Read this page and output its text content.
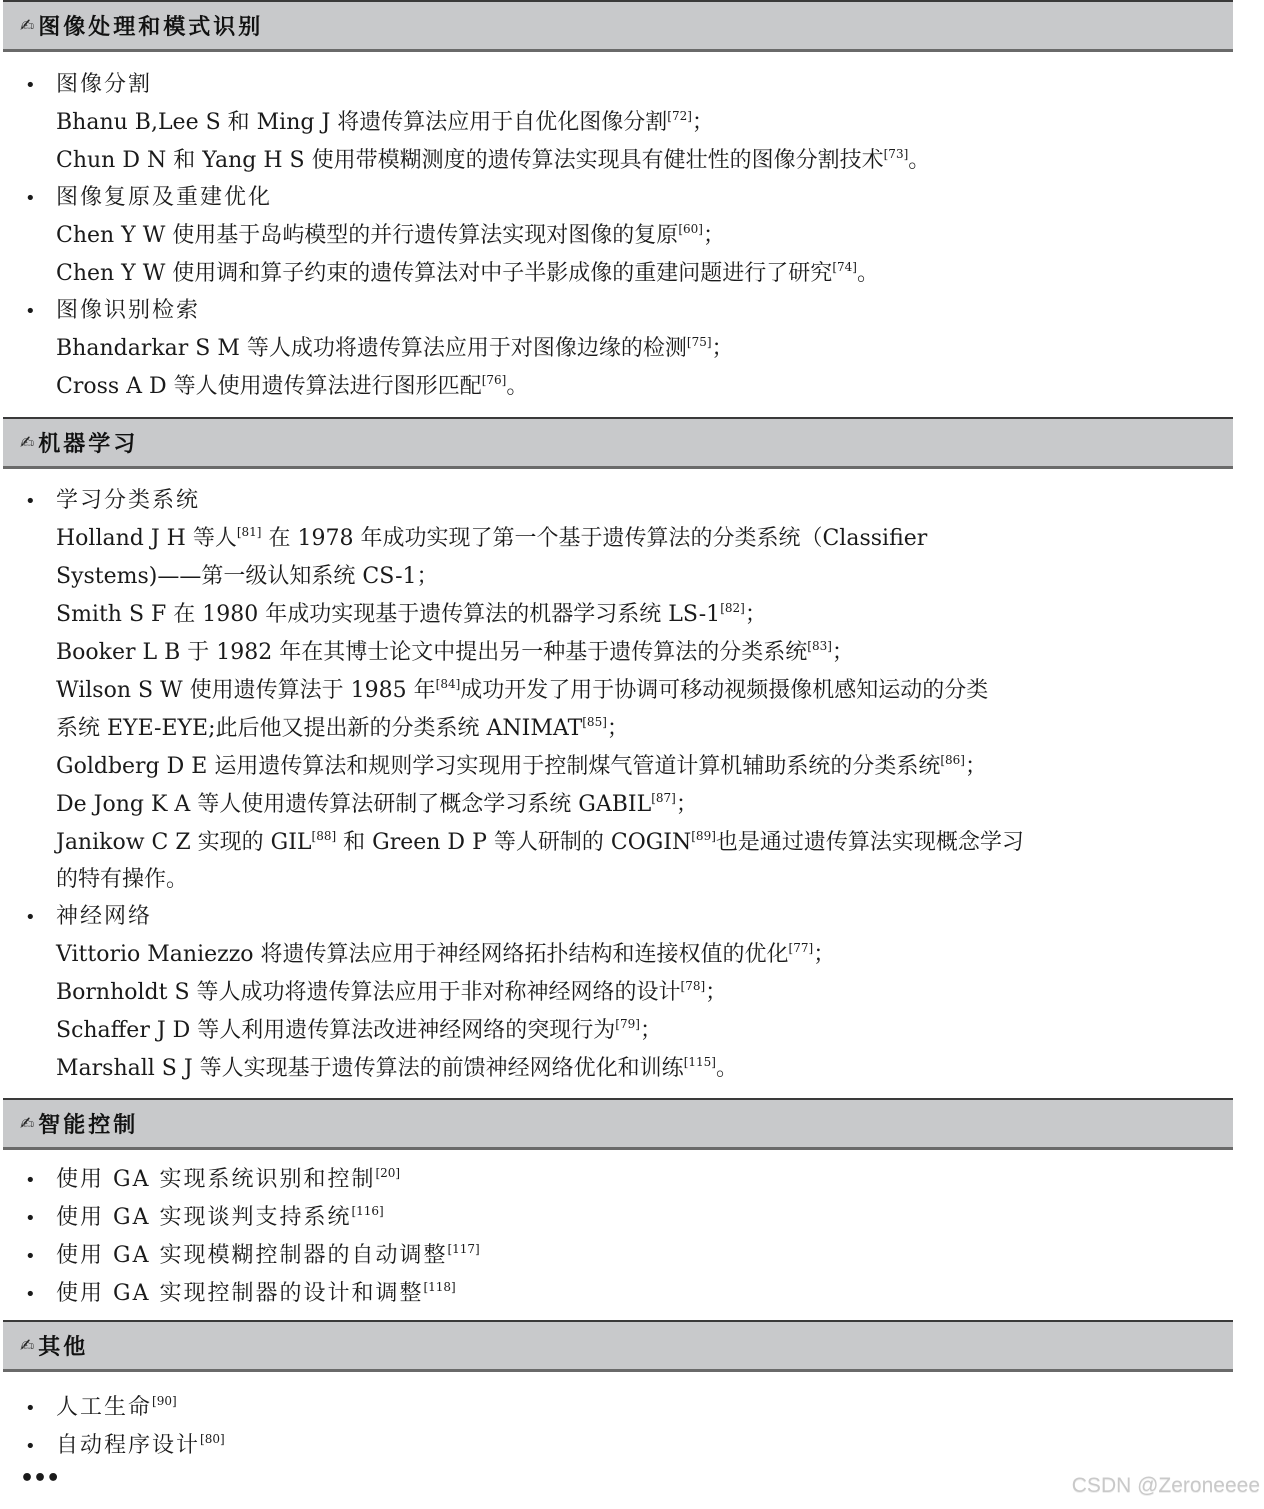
✍ 图像处理和模式识别
• 图像分割
Bhanu B,Lee S 和 Ming J 将遗传算法应用于自优化图像分割[72]；
Chun D N 和 Yang H S 使用带模糊测度的遗传算法实现具有健壮性的图像分割技术[73]。
• 图像复原及重建优化
Chen Y W 使用基于岛屿模型的并行遗传算法实现对图像的复原[60]；
Chen Y W 使用调和算子约束的遗传算法对中子半影成像的重建问题进行了研究[74]。
• 图像识别检索
Bhandarkar S M 等人成功将遗传算法应用于对图像边缘的检测[75]；
Cross A D 等人使用遗传算法进行图形匹配[76]。
✍ 机器学习
• 学习分类系统
Holland J H 等人[81] 在 1978 年成功实现了第一个基于遗传算法的分类系统（Classifier
Systems)——第一级认知系统 CS-1；
Smith S F 在 1980 年成功实现基于遗传算法的机器学习系统 LS-1[82]；
Booker L B 于 1982 年在其博士论文中提出另一种基于遗传算法的分类系统[83]；
Wilson S W 使用遗传算法于 1985 年[84]成功开发了用于协调可移动视频摄像机感知运动的分类
系统 EYE-EYE;此后他又提出新的分类系统 ANIMAT[85]；
Goldberg D E 运用遗传算法和规则学习实现用于控制煤气管道计算机辅助系统的分类系统[86]；
De Jong K A 等人使用遗传算法研制了概念学习系统 GABIL[87]；
Janikow C Z 实现的 GIL[88] 和 Green D P 等人研制的 COGIN[89]也是通过遗传算法实现概念学习
的特有操作。
• 神经网络
Vittorio Maniezzo 将遗传算法应用于神经网络拓扑结构和连接权值的优化[77]；
Bornholdt S 等人成功将遗传算法应用于非对称神经网络的设计[78]；
Schaffer J D 等人利用遗传算法改进神经网络的突现行为[79]；
Marshall S J 等人实现基于遗传算法的前馈神经网络优化和训练[115]。
✍ 智能控制
• 使用 GA 实现系统识别和控制[20]
• 使用 GA 实现谈判支持系统[116]
• 使用 GA 实现模糊控制器的自动调整[117]
• 使用 GA 实现控制器的设计和调整[118]
✍ 其他
• 人工生命[90]
• 自动程序设计[80]
•••	CSDN @Zeroneeee
